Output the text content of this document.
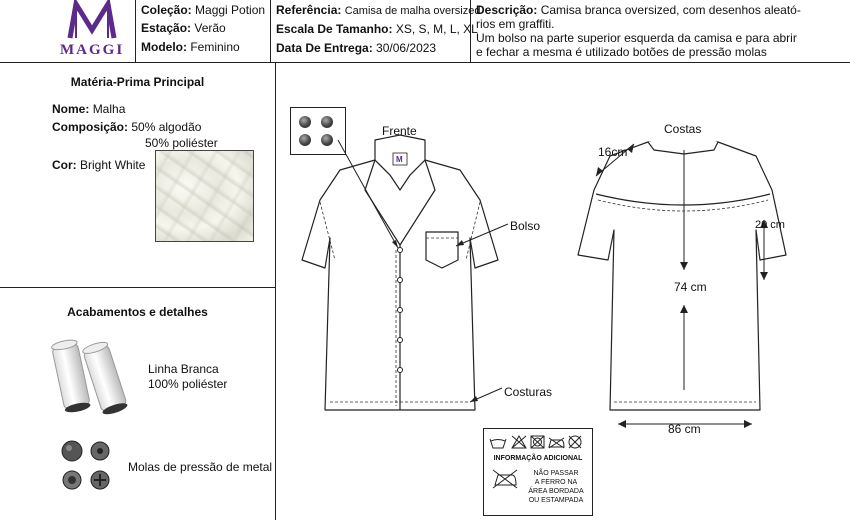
MAGGI
Coleção: Maggi Potion
Estação: Verão
Modelo: Feminino
Referência: Camisa de malha oversized
Escala De Tamanho: XS, S, M, L, XL
Data De Entrega: 30/06/2023
Descrição: Camisa branca oversized, com desenhos aleató-
rios em graffiti.
Um bolso na parte superior esquerda da camisa e para abrir
e fechar a mesma é utilizado botões de pressão molas
Matéria-Prima Principal
Nome: Malha
Composição: 50% algodão
50% poliéster
Cor: Bright White
Acabamentos e detalhes
Linha Branca
100% poliéster
Molas de pressão de metal
M
Frente
Bolso
Costuras
Costas
16cm
20 cm
74 cm
86 cm
INFORMAÇÃO ADICIONAL
NÃO PASSAR
A FERRO NA
ÁREA BORDADA
OU ESTAMPADA
